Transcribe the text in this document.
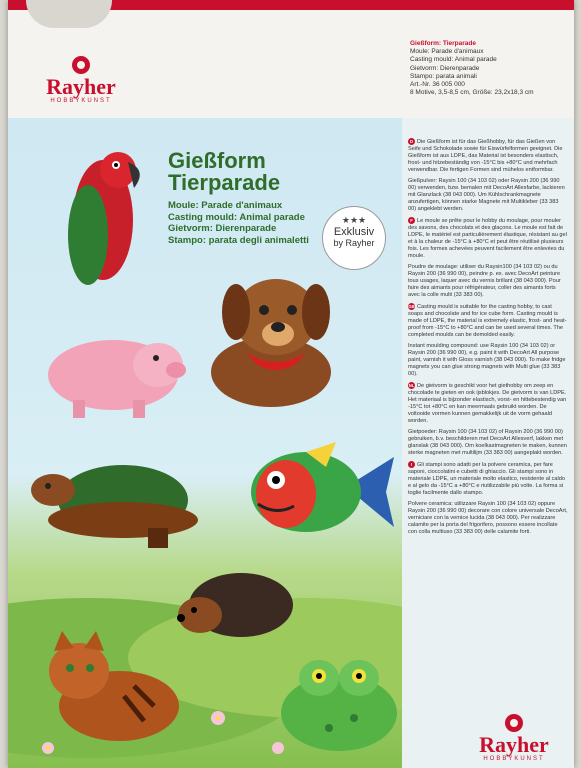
Rayher
HOBBYKUNST
Gießform: Tierparade
Moule: Parade d'animaux
Casting mould: Animal parade
Gietvorm: Dierenparade
Stampo: parata animali
Art.-Nr. 36 005 000
8 Motive, 3,5-8,5 cm, Größe: 23,2x18,3 cm
Gießform
Tierparade
Moule: Parade d'animaux
Casting mould: Animal parade
Gietvorm: Dierenparade
Stampo: parata degli animaletti
★★★
Exklusiv
by Rayher

D Die Gießform ist für das Gießhobby, für das Gießen von Seife und Schokolade sowie für Eiswürfelformen geeignet. Die Gießform ist aus LDPE, das Material ist besonders elastisch, frost- und hitzebeständig von -15°C bis +80°C und mehrfach verwendbar. Die fertigen Formen sind mühelos entformbar.

Gießpulver: Raysin 100 (34 103 02) oder Raysin 200 (36 990 00) verwenden, bzw. bemalen mit DecoArt Allesfarbe, lackieren mit Glanzlack (38 043 000). Um Kühlschrankmagnete anzufertigen, können starke Magnete mit Multikleber (33 383 00) angeklebt werden.

F Le moule se prête pour le hobby du moulage, pour mouler des savons, des chocolats et des glaçons. Le moule est fait de LDPE, le matériel est particulièrement élastique, résistant au gel et à la chaleur de -15°C à +80°C et peut être réutilisé plusieurs fois. Les formes achevées peuvent facilement être enlevées du moule.

Poudre de moulage: utiliser du Raysin100 (34 103 02) ou du Raysin 200 (36 990 00), peindre p. ex. avec DecoArt peinture tous usages, laquer avec du vernis brillant (38 043 000). Pour faire des aimants pour réfrigérateur, coller des aimants forts avec la colle multi (33 383 00).

GB Casting mould is suitable for the casting hobby, to cast soaps and chocolate and for ice cube form. Casting mould is made of LDPE, the material is extremely elastic, frost- and heat-proof from -15°C to +80°C and can be used several times. The completed moulds can be demolded easily.

Instant moulding compound: use Raysin 100 (34 103 02) or Raysin 200 (36 990 00), e.g. paint it with DecoArt All purpose paint, varnish it with Gloss varnish (38 043 000). To make fridge magnets you can glue strong magnets with Multi glue (33 383 00).

NL De gietvorm is geschikt voor het giethobby om zeep en chocolade te gieten en ook ijsblokjes. De gietvorm is van LDPE. Het materiaal is bijzonder elastisch, vorst- en hittebestendig van -15°C tot +80°C en kan meermaals gebruikt worden. De voltooide vormen kunnen gemakkelijk uit de vorm gehaald worden.

Gietpoeder: Raysin 100 (34 103 02) of Raysin 200 (36 990 00) gebruiken, b.v. beschilderen met DecoArt Allesverf, lakken met glanslak (38 043 000). Om koelkastmagneten te maken, kunnen sterke magneten met multilijm (33 383 00) aangeplakt worden.

I Gli stampi sono adatti per la polvere ceramica, per fare saponi, cioccolatini e cubetti di ghiaccio. Gli stampi sono in materiale LDPE, un materiale molto elastico, resistente al caldo e al gelo da -15°C a +80°C e riutilizzabile più volte. La forma si toglie facilmente dallo stampo.

Polvere ceramica: utilizzare Raysin 100 (34 103 02) oppure Raysin 200 (36 990 00) decorare con colore universale DecoArt, verniciare con la vernice lucida (38 043 000). Per realizzare calamite per la porta del frigorifero, possono essere incollate con colla multiuso (33 383 00) delle calamite forti.

Rayher
HOBBYKUNST
